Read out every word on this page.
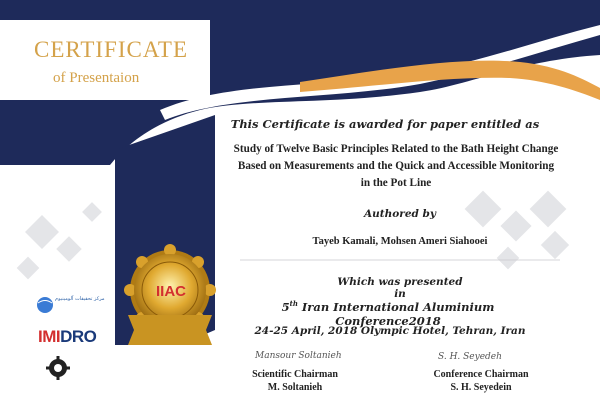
CERTIFICATE
of Presentaion
This Certificate is awarded for paper entitled as
Study of Twelve Basic Principles Related to the Bath Height Change Based on Measurements and the Quick and Accessible Monitoring in the Pot Line
Authored by
Tayeb Kamali, Mohsen Ameri Siahooei
Which was presented in
5th Iran International Aluminium Conference2018
24-25 April, 2018 Olympic Hotel, Tehran, Iran
Mansour Soltanieh	S. H. Seyedeh
Scientific Chairman
M. Soltanieh
Conference Chairman
S. H. Seyedein
IIAC
مرکز تحقیقات آلومینیوم
IMIDRO
